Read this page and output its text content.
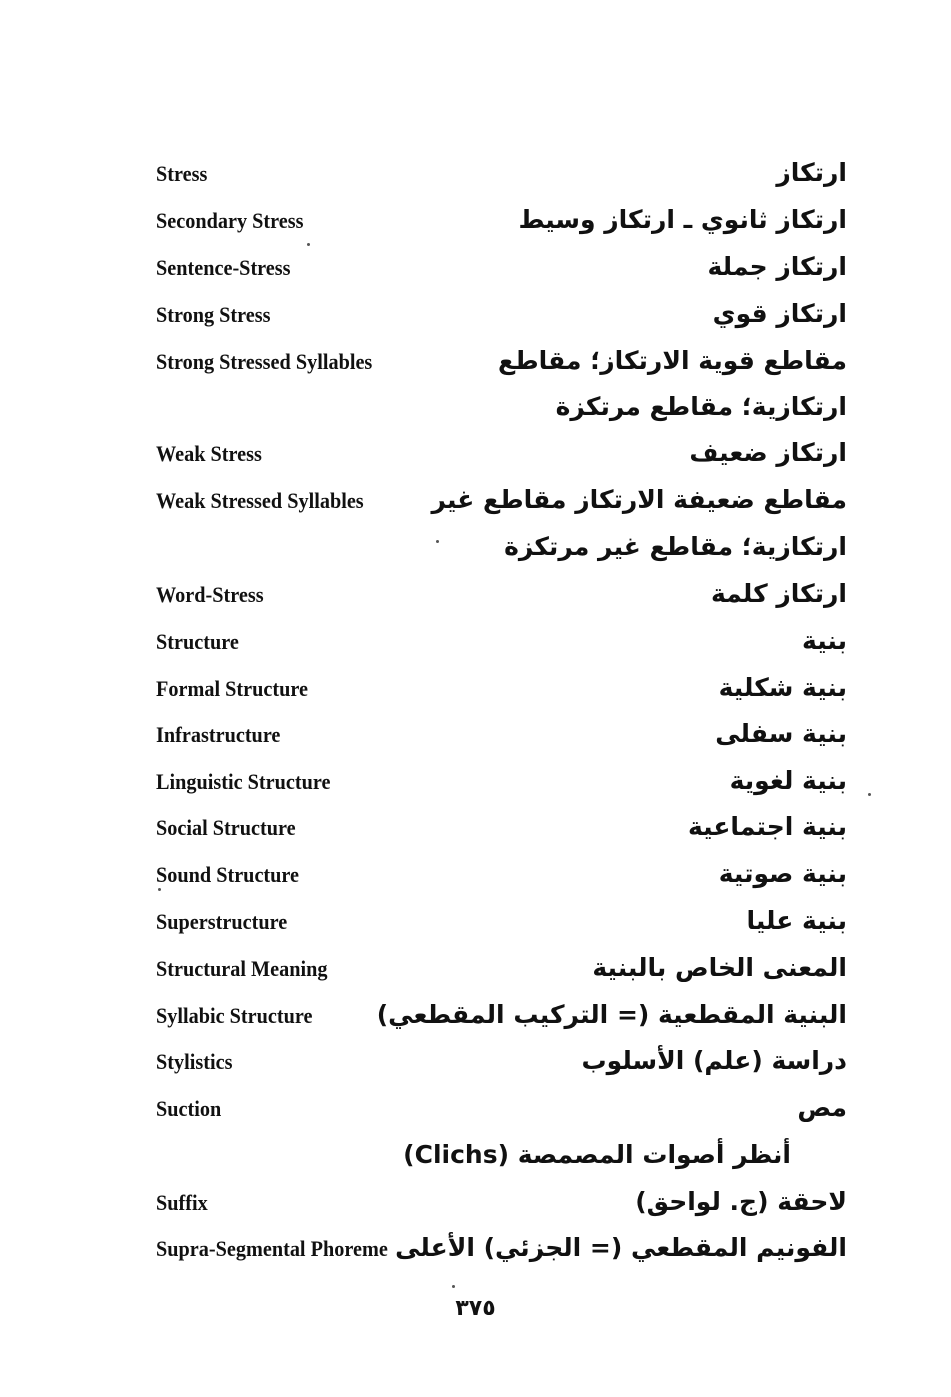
Stress	ارتكاز
Secondary Stress	ارتكاز ثانوي ـ ارتكاز وسيط
Sentence-Stress	ارتكاز جملة
Strong Stress	ارتكاز قوي
Strong Stressed Syllables	مقاطع قوية الارتكاز؛ مقاطع
ارتكازية؛ مقاطع مرتكزة
Weak Stress	ارتكاز ضعيف
Weak Stressed Syllables	مقاطع ضعيفة الارتكاز مقاطع غير
ارتكازية؛ مقاطع غير مرتكزة
Word-Stress	ارتكاز كلمة
Structure	بنية
Formal Structure	بنية شكلية
Infrastructure	بنية سفلى
Linguistic Structure	بنية لغوية
Social Structure	بنية اجتماعية
Sound Structure	بنية صوتية
Superstructure	بنية عليا
Structural Meaning	المعنى الخاص بالبنية
Syllabic Structure	البنية المقطعية (= التركيب المقطعي)
Stylistics	دراسة (علم) الأسلوب
Suction	مص
أنظر أصوات المصمصة (Clichs)
Suffix	لاحقة (ج. لواحق)
Supra-Segmental Phoreme الفونيم المقطعي (= الجزئي) الأعلى
٣٧٥
